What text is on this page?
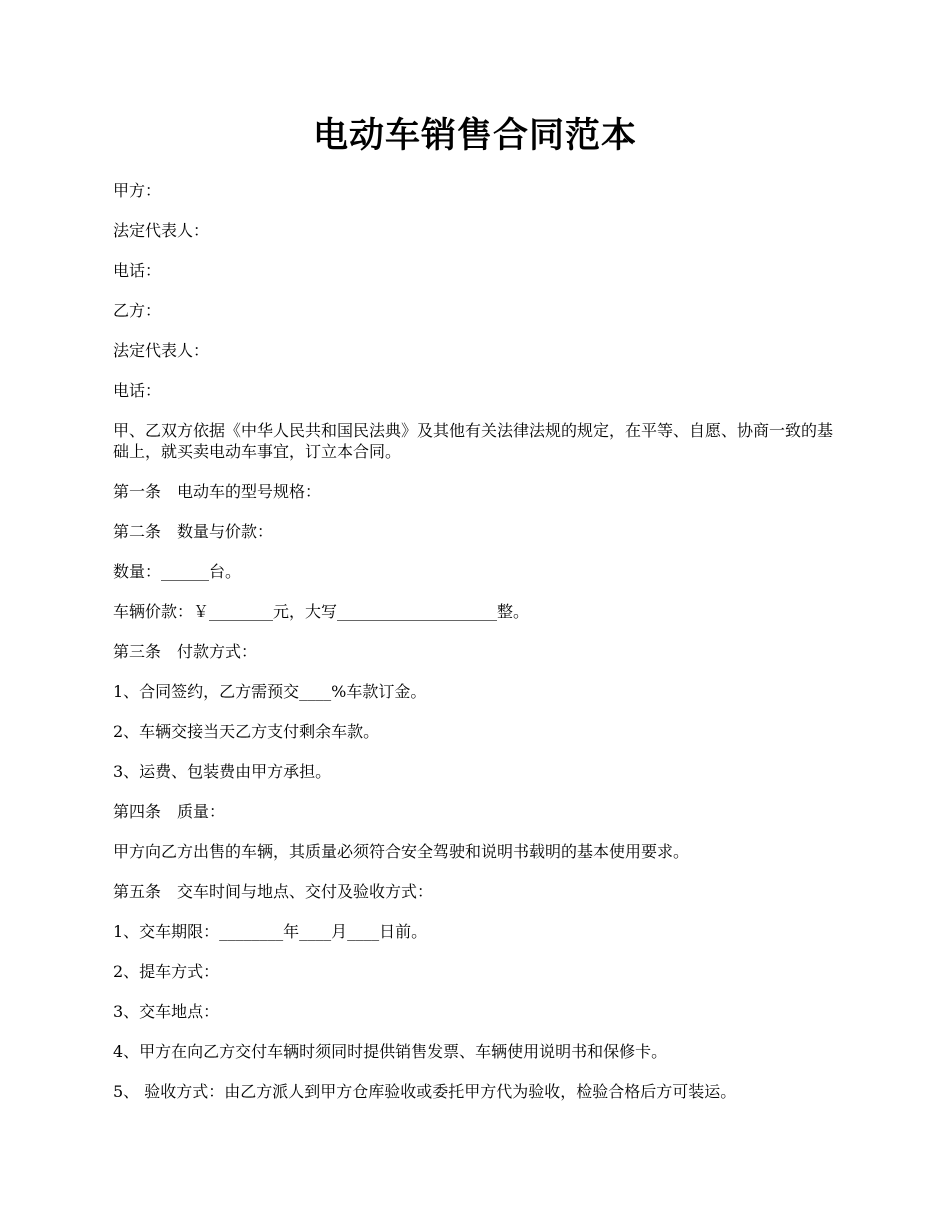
电动车销售合同范本

甲方：

法定代表人：

电话：

乙方：

法定代表人：

电话：

甲、乙双方依据《中华人民共和国民法典》及其他有关法律法规的规定，在平等、自愿、协商一致的基础上，就买卖电动车事宜，订立本合同。

第一条　电动车的型号规格：

第二条　数量与价款：

数量：______台。

车辆价款：￥________元，大写____________________整。

第三条　付款方式：

1、合同签约，乙方需预交____%车款订金。

2、车辆交接当天乙方支付剩余车款。

3、运费、包装费由甲方承担。

第四条　质量：

甲方向乙方出售的车辆，其质量必须符合安全驾驶和说明书载明的基本使用要求。

第五条　交车时间与地点、交付及验收方式：

1、交车期限：________年____月____日前。

2、提车方式：

3、交车地点：

4、甲方在向乙方交付车辆时须同时提供销售发票、车辆使用说明书和保修卡。

5、 验收方式：由乙方派人到甲方仓库验收或委托甲方代为验收，检验合格后方可装运。
